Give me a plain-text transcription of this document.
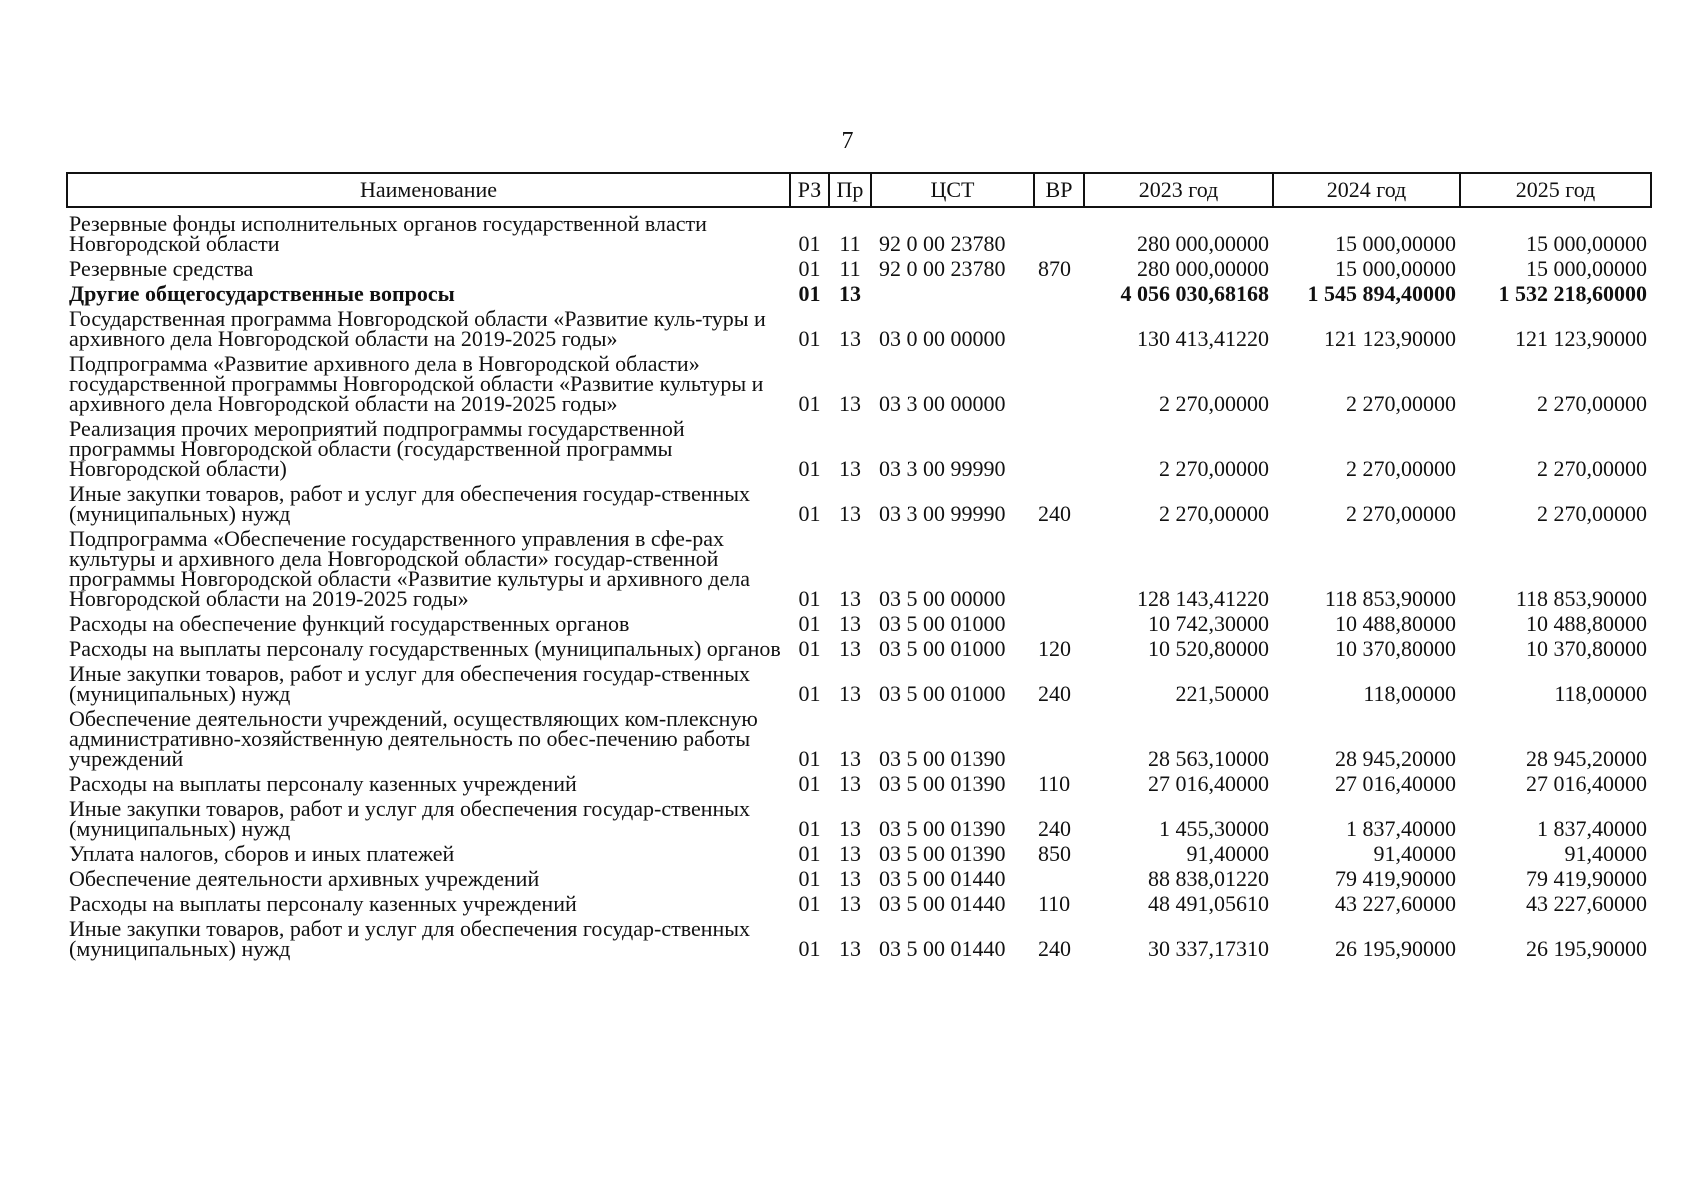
7
Наименование	РЗ	Пр	ЦСТ	ВР	2023 год	2024 год	2025 год
Резервные фонды исполнительных органов государственной власти Новгородской области	01	11	92 0 00 23780		280 000,00000	15 000,00000	15 000,00000
Резервные средства	01	11	92 0 00 23780	870	280 000,00000	15 000,00000	15 000,00000
Другие общегосударственные вопросы	01	13			4 056 030,68168	1 545 894,40000	1 532 218,60000
Государственная программа Новгородской области «Развитие куль-туры и архивного дела Новгородской области на 2019-2025 годы»	01	13	03 0 00 00000		130 413,41220	121 123,90000	121 123,90000
Подпрограмма «Развитие архивного дела в Новгородской области» государственной программы Новгородской области «Развитие культуры и архивного дела Новгородской области на 2019-2025 годы»	01	13	03 3 00 00000		2 270,00000	2 270,00000	2 270,00000
Реализация прочих мероприятий подпрограммы государственной программы Новгородской области (государственной программы Новгородской области)	01	13	03 3 00 99990		2 270,00000	2 270,00000	2 270,00000
Иные закупки товаров, работ и услуг для обеспечения государ-ственных (муниципальных) нужд	01	13	03 3 00 99990	240	2 270,00000	2 270,00000	2 270,00000
Подпрограмма «Обеспечение государственного управления в сфе-рах культуры и архивного дела Новгородской области» государ-ственной программы Новгородской области «Развитие культуры и архивного дела Новгородской области на 2019-2025 годы»	01	13	03 5 00 00000		128 143,41220	118 853,90000	118 853,90000
Расходы на обеспечение функций государственных органов	01	13	03 5 00 01000		10 742,30000	10 488,80000	10 488,80000
Расходы на выплаты персоналу государственных (муниципальных) органов	01	13	03 5 00 01000	120	10 520,80000	10 370,80000	10 370,80000
Иные закупки товаров, работ и услуг для обеспечения государ-ственных (муниципальных) нужд	01	13	03 5 00 01000	240	221,50000	118,00000	118,00000
Обеспечение деятельности учреждений, осуществляющих ком-плексную административно-хозяйственную деятельность по обес-печению работы учреждений	01	13	03 5 00 01390		28 563,10000	28 945,20000	28 945,20000
Расходы на выплаты персоналу казенных учреждений	01	13	03 5 00 01390	110	27 016,40000	27 016,40000	27 016,40000
Иные закупки товаров, работ и услуг для обеспечения государ-ственных (муниципальных) нужд	01	13	03 5 00 01390	240	1 455,30000	1 837,40000	1 837,40000
Уплата налогов, сборов и иных платежей	01	13	03 5 00 01390	850	91,40000	91,40000	91,40000
Обеспечение деятельности архивных учреждений	01	13	03 5 00 01440		88 838,01220	79 419,90000	79 419,90000
Расходы на выплаты персоналу казенных учреждений	01	13	03 5 00 01440	110	48 491,05610	43 227,60000	43 227,60000
Иные закупки товаров, работ и услуг для обеспечения государ-ственных (муниципальных) нужд	01	13	03 5 00 01440	240	30 337,17310	26 195,90000	26 195,90000
